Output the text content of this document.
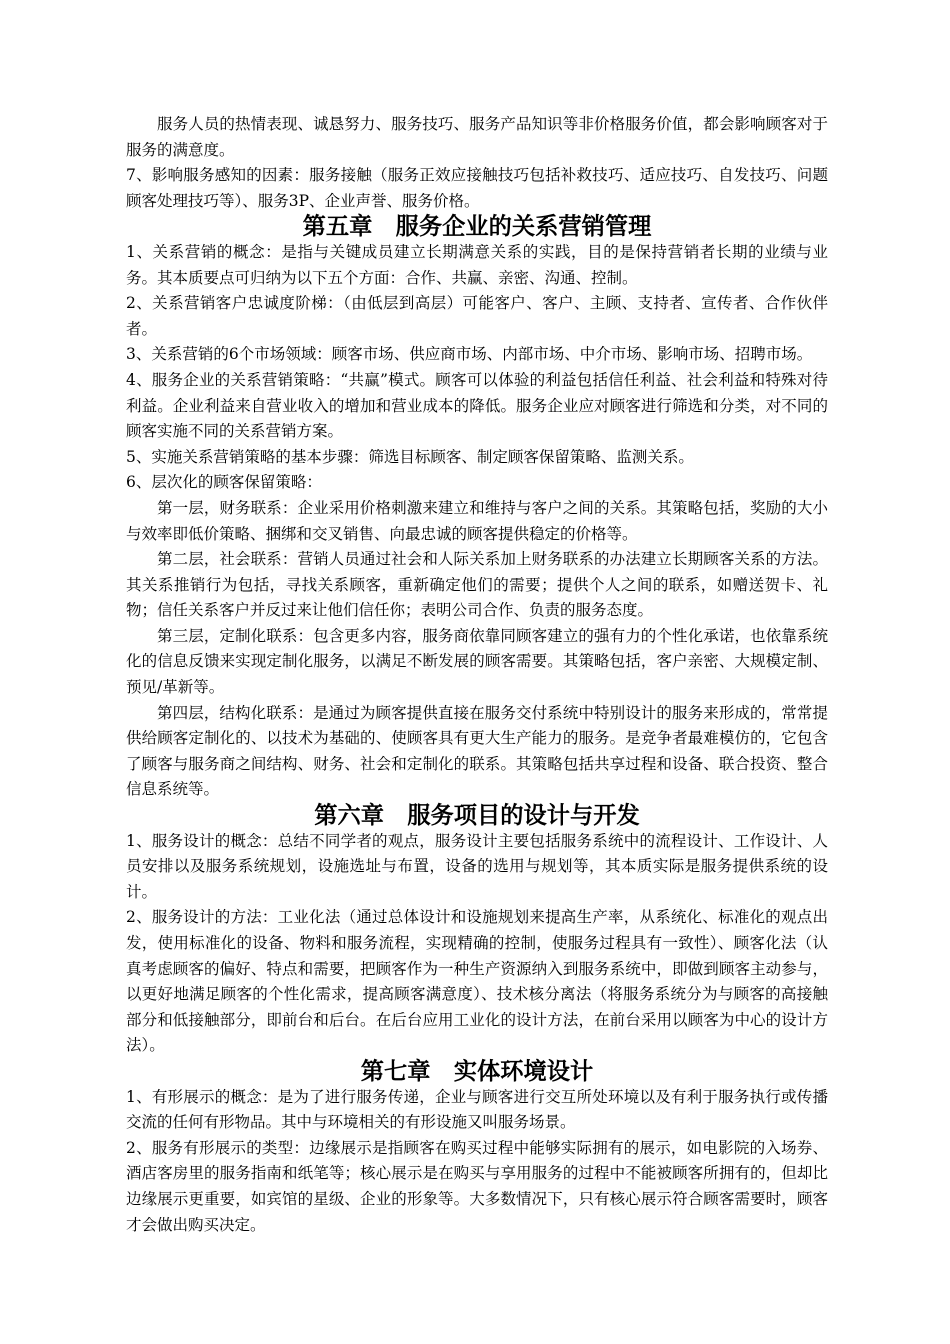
服务人员的热情表现、诚恳努力、服务技巧、服务产品知识等非价格服务价值，都会影响顾客对于服务的满意度。

7、影响服务感知的因素：服务接触（服务正效应接触技巧包括补救技巧、适应技巧、自发技巧、问题顾客处理技巧等）、服务3P、企业声誉、服务价格。

第五章　服务企业的关系营销管理

1、关系营销的概念：是指与关键成员建立长期满意关系的实践，目的是保持营销者长期的业绩与业务。其本质要点可归纳为以下五个方面：合作、共赢、亲密、沟通、控制。

2、关系营销客户忠诚度阶梯：（由低层到高层）可能客户、客户、主顾、支持者、宣传者、合作伙伴者。

3、关系营销的6个市场领域：顾客市场、供应商市场、内部市场、中介市场、影响市场、招聘市场。

4、服务企业的关系营销策略：“共赢”模式。顾客可以体验的利益包括信任利益、社会利益和特殊对待利益。企业利益来自营业收入的增加和营业成本的降低。服务企业应对顾客进行筛选和分类，对不同的顾客实施不同的关系营销方案。

5、实施关系营销策略的基本步骤：筛选目标顾客、制定顾客保留策略、监测关系。

6、层次化的顾客保留策略：

第一层，财务联系：企业采用价格刺激来建立和维持与客户之间的关系。其策略包括，奖励的大小与效率即低价策略、捆绑和交叉销售、向最忠诚的顾客提供稳定的价格等。

第二层，社会联系：营销人员通过社会和人际关系加上财务联系的办法建立长期顾客关系的方法。其关系推销行为包括，寻找关系顾客，重新确定他们的需要；提供个人之间的联系，如赠送贺卡、礼物；信任关系客户并反过来让他们信任你；表明公司合作、负责的服务态度。

第三层，定制化联系：包含更多内容，服务商依靠同顾客建立的强有力的个性化承诺，也依靠系统化的信息反馈来实现定制化服务，以满足不断发展的顾客需要。其策略包括，客户亲密、大规模定制、预见/革新等。

第四层，结构化联系：是通过为顾客提供直接在服务交付系统中特别设计的服务来形成的，常常提供给顾客定制化的、以技术为基础的、使顾客具有更大生产能力的服务。是竞争者最难模仿的，它包含了顾客与服务商之间结构、财务、社会和定制化的联系。其策略包括共享过程和设备、联合投资、整合信息系统等。

第六章　服务项目的设计与开发

1、服务设计的概念：总结不同学者的观点，服务设计主要包括服务系统中的流程设计、工作设计、人员安排以及服务系统规划，设施选址与布置，设备的选用与规划等，其本质实际是服务提供系统的设计。

2、服务设计的方法：工业化法（通过总体设计和设施规划来提高生产率，从系统化、标准化的观点出发，使用标准化的设备、物料和服务流程，实现精确的控制，使服务过程具有一致性）、顾客化法（认真考虑顾客的偏好、特点和需要，把顾客作为一种生产资源纳入到服务系统中，即做到顾客主动参与，以更好地满足顾客的个性化需求，提高顾客满意度）、技术核分离法（将服务系统分为与顾客的高接触部分和低接触部分，即前台和后台。在后台应用工业化的设计方法，在前台采用以顾客为中心的设计方法）。

第七章　实体环境设计

1、有形展示的概念：是为了进行服务传递，企业与顾客进行交互所处环境以及有利于服务执行或传播交流的任何有形物品。其中与环境相关的有形设施又叫服务场景。

2、服务有形展示的类型：边缘展示是指顾客在购买过程中能够实际拥有的展示，如电影院的入场券、酒店客房里的服务指南和纸笔等；核心展示是在购买与享用服务的过程中不能被顾客所拥有的，但却比边缘展示更重要，如宾馆的星级、企业的形象等。大多数情况下，只有核心展示符合顾客需要时，顾客才会做出购买决定。
